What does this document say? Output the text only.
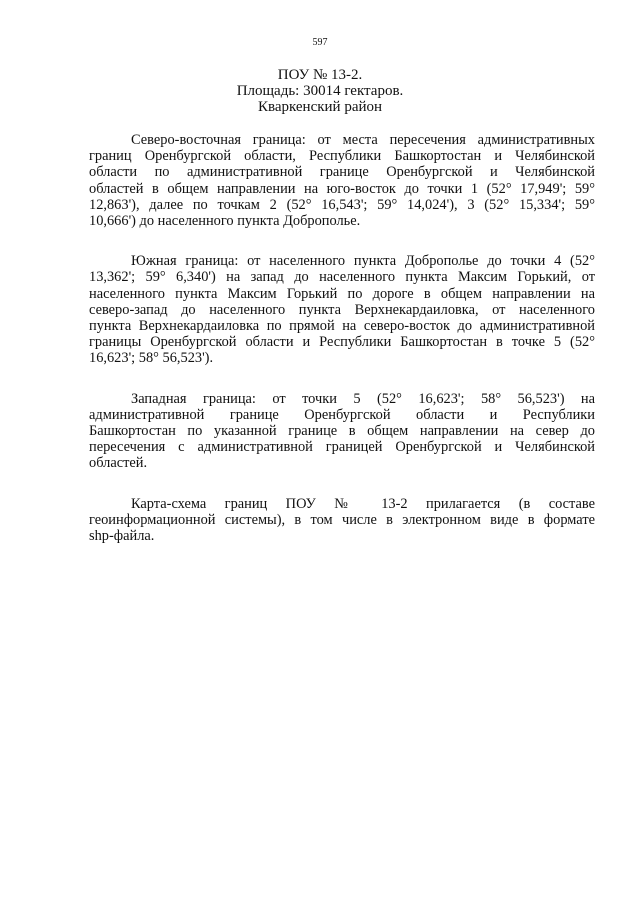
597
ПОУ № 13-2.
Площадь: 30014 гектаров.
Кваркенский район
Северо-восточная граница: от места пересечения административных
границ Оренбургской области, Республики Башкортостан и Челябинской
области по административной границе Оренбургской и Челябинской
областей в общем направлении на юго-восток до точки 1 (52° 17,949'; 59°
12,863'), далее по точкам 2 (52° 16,543'; 59° 14,024'), 3 (52° 15,334'; 59°
10,666') до населенного пункта Доброполье.
Южная граница: от населенного пункта Доброполье до точки 4 (52°
13,362'; 59° 6,340') на запад до населенного пункта Максим Горький, от
населенного пункта Максим Горький по дороге в общем направлении на
северо-запад до населенного пункта Верхнекардаиловка, от населенного
пункта Верхнекардаиловка по прямой на северо-восток до административной
границы Оренбургской области и Республики Башкортостан в точке 5 (52°
16,623'; 58° 56,523').
Западная граница: от точки 5 (52° 16,623'; 58° 56,523') на
административной границе Оренбургской области и Республики
Башкортостан по указанной границе в общем направлении на север до
пересечения с административной границей Оренбургской и Челябинской
областей.
Карта-схема границ ПОУ № 13-2 прилагается (в составе
геоинформационной системы), в том числе в электронном виде в формате
shp-файла.
